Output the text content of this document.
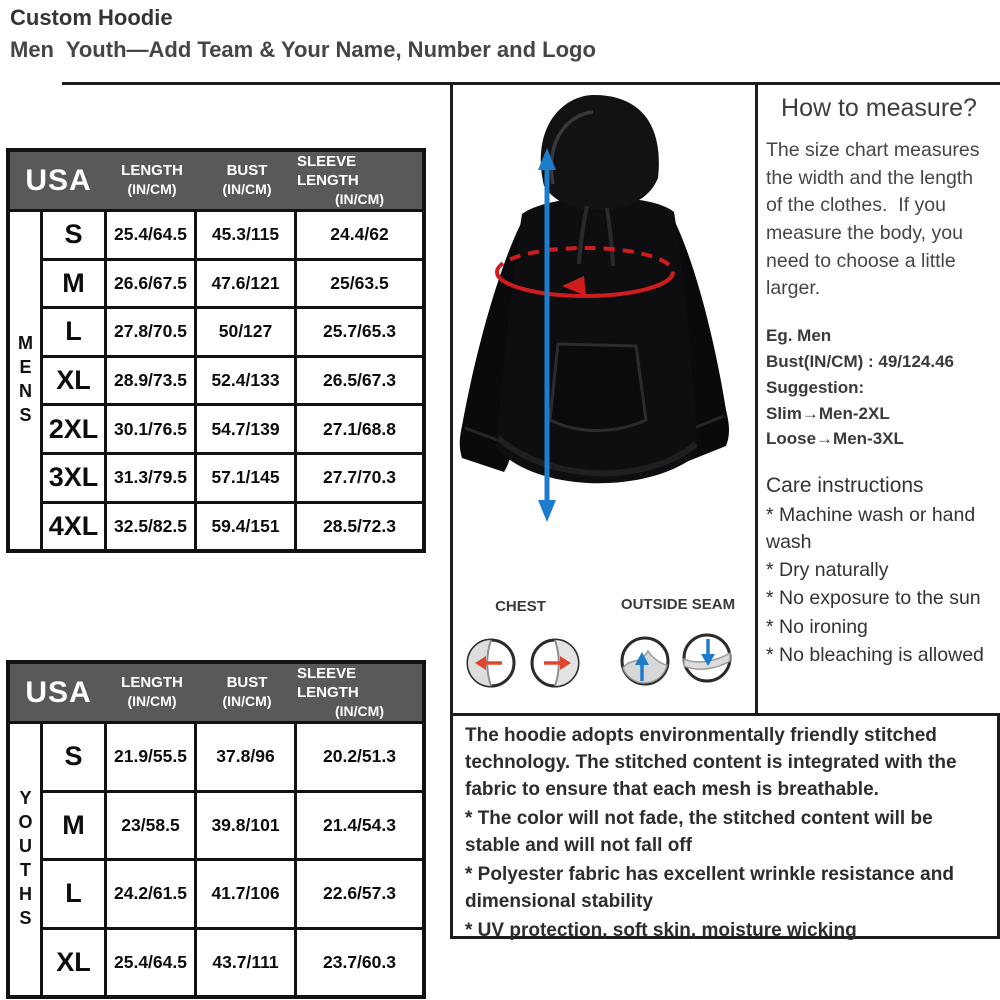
Custom Hoodie
Men  Youth—Add Team & Your Name, Number and Logo
USA	LENGTH
(IN/CM)
BUST
(IN/CM)
SLEEVE LENGTH
(IN/CM)
MENS
S	25.4/64.5	45.3/115	24.4/62
M	26.6/67.5	47.6/121	25/63.5
L	27.8/70.5	50/127	25.7/65.3
XL	28.9/73.5	52.4/133	26.5/67.3
2XL 30.1/76.5	54.7/139	27.1/68.8
3XL 31.3/79.5	57.1/145	27.7/70.3
4XL 32.5/82.5	59.4/151	28.5/72.3
USA	LENGTH
(IN/CM)
BUST
(IN/CM)
SLEEVE LENGTH
(IN/CM)
YOUTHS
S	21.9/55.5	37.8/96	20.2/51.3
M	23/58.5	39.8/101	21.4/54.3
L	24.2/61.5	41.7/106	22.6/57.3
XL	25.4/64.5	43.7/111	23.7/60.3
CHEST	OUTSIDE SEAM
How to measure?
The size chart measures the width and the length of the clothes.  If you measure the body, you need to choose a little larger.
Eg. Men
Bust(IN/CM) : 49/124.46
Suggestion:
Slim→Men-2XL
Loose→Men-3XL
Care instructions
* Machine wash or hand wash
* Dry naturally
* No exposure to the sun
* No ironing
* No bleaching is allowed

The hoodie adopts environmentally friendly stitched technology. The stitched content is integrated with the fabric to ensure that each mesh is breathable.

* The color will not fade, the stitched content will be stable and will not fall off

* Polyester fabric has excellent wrinkle resistance and dimensional stability

* UV protection, soft skin, moisture wicking
